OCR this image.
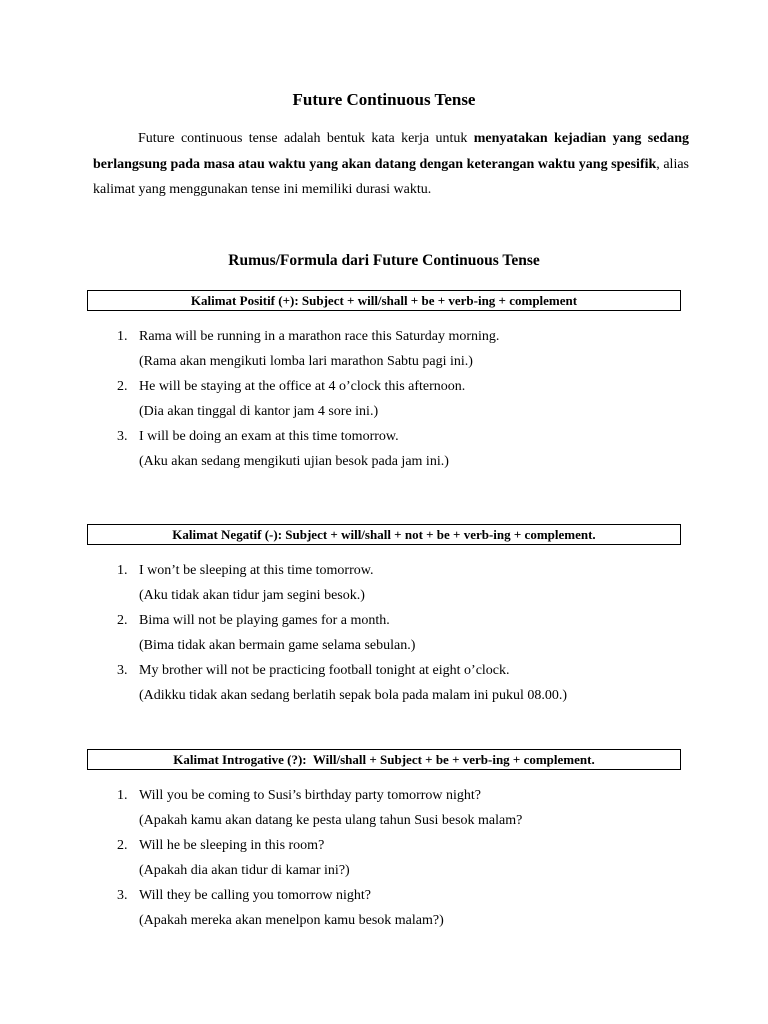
Future Continuous Tense

Future continuous tense adalah bentuk kata kerja untuk menyatakan kejadian yang sedang berlangsung pada masa atau waktu yang akan datang dengan keterangan waktu yang spesifik, alias kalimat yang menggunakan tense ini memiliki durasi waktu.

Rumus/Formula dari Future Continuous Tense
Kalimat Positif (+): Subject + will/shall + be + verb-ing + complement
1. Rama will be running in a marathon race this Saturday morning.
(Rama akan mengikuti lomba lari marathon Sabtu pagi ini.)
2. He will be staying at the office at 4 o’clock this afternoon.
(Dia akan tinggal di kantor jam 4 sore ini.)
3. I will be doing an exam at this time tomorrow.
(Aku akan sedang mengikuti ujian besok pada jam ini.)
Kalimat Negatif (-): Subject + will/shall + not + be + verb-ing + complement.
1. I won’t be sleeping at this time tomorrow.
(Aku tidak akan tidur jam segini besok.)
2. Bima will not be playing games for a month.
(Bima tidak akan bermain game selama sebulan.)
3. My brother will not be practicing football tonight at eight o’clock.
(Adikku tidak akan sedang berlatih sepak bola pada malam ini pukul 08.00.)
Kalimat Introgative (?):  Will/shall + Subject + be + verb-ing + complement.
1. Will you be coming to Susi’s birthday party tomorrow night?
(Apakah kamu akan datang ke pesta ulang tahun Susi besok malam?
2. Will he be sleeping in this room?
(Apakah dia akan tidur di kamar ini?)
3. Will they be calling you tomorrow night?
(Apakah mereka akan menelpon kamu besok malam?)
